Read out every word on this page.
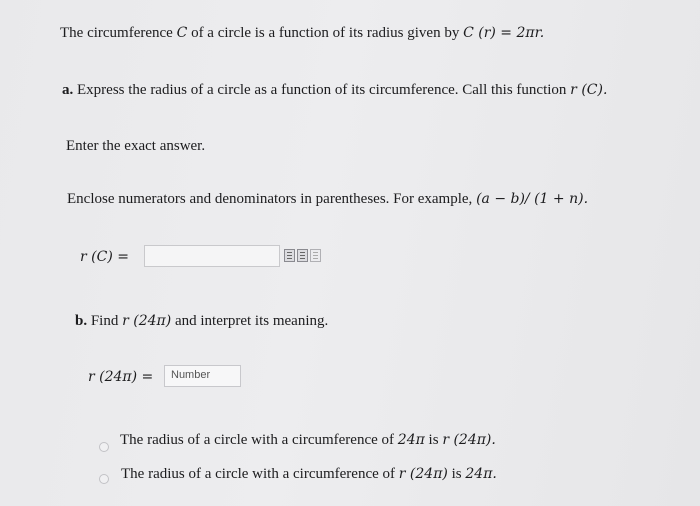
The circumference C of a circle is a function of its radius given by C (r) = 2πr.
a. Express the radius of a circle as a function of its circumference. Call this function r (C).
Enter the exact answer.
Enclose numerators and denominators in parentheses. For example, (a − b)/ (1 + n).
r (C) =
b. Find r (24π) and interpret its meaning.
r (24π) =	Number
The radius of a circle with a circumference of 24π is r (24π).
The radius of a circle with a circumference of r (24π) is 24π.
